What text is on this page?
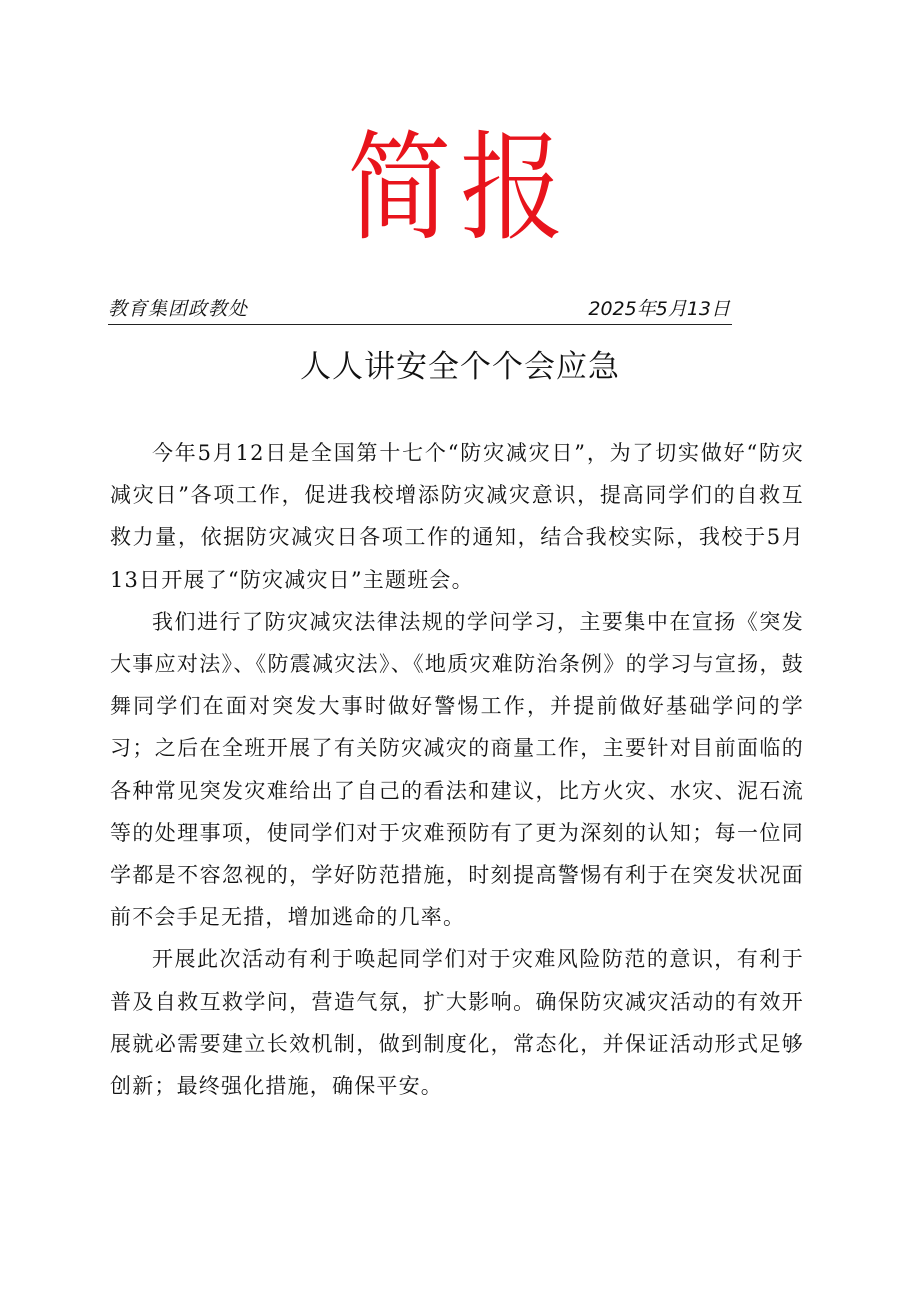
简报
教育集团政教处	2025年5月13日
人人讲安全个个会应急

今年5月12日是全国第十七个“防灾减灾日”，为了切实做好“防灾减灾日”各项工作，促进我校增添防灾减灾意识，提高同学们的自救互救力量，依据防灾减灾日各项工作的通知，结合我校实际，我校于5月13日开展了“防灾减灾日”主题班会。

我们进行了防灾减灾法律法规的学问学习，主要集中在宣扬《突发大事应对法》、《防震减灾法》、《地质灾难防治条例》的学习与宣扬，鼓舞同学们在面对突发大事时做好警惕工作，并提前做好基础学问的学习；之后在全班开展了有关防灾减灾的商量工作，主要针对目前面临的各种常见突发灾难给出了自己的看法和建议，比方火灾、水灾、泥石流等的处理事项，使同学们对于灾难预防有了更为深刻的认知；每一位同学都是不容忽视的，学好防范措施，时刻提高警惕有利于在突发状况面前不会手足无措，增加逃命的几率。

开展此次活动有利于唤起同学们对于灾难风险防范的意识，有利于普及自救互救学问，营造气氛，扩大影响。确保防灾减灾活动的有效开展就必需要建立长效机制，做到制度化，常态化，并保证活动形式足够创新；最终强化措施，确保平安。
